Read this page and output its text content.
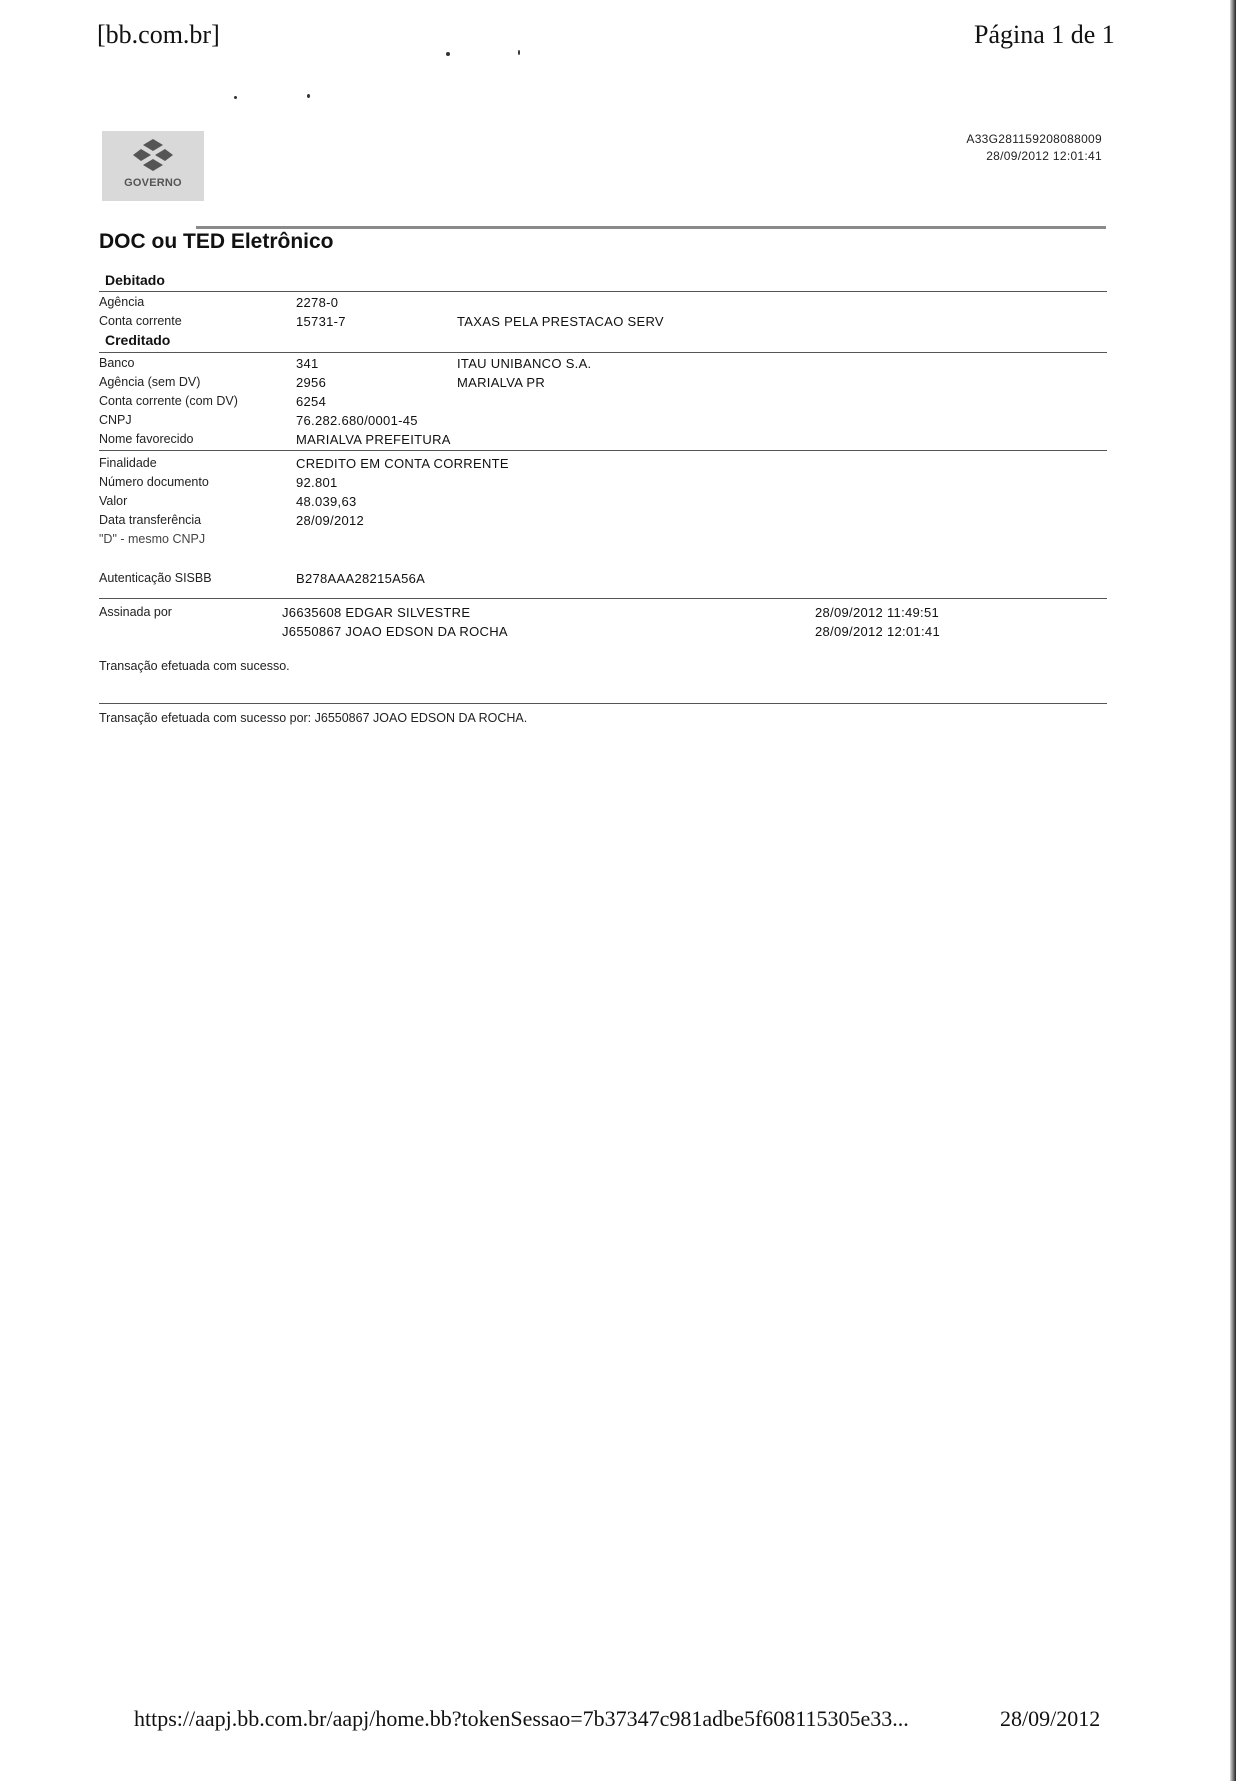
[bb.com.br]	Página 1 de 1
GOVERNO
A33G281159208088009
28/09/2012 12:01:41
DOC ou TED Eletrônico
Debitado
Agência	2278-0
Conta corrente	15731-7	TAXAS PELA PRESTACAO SERV
Creditado
Banco	341	ITAU UNIBANCO S.A.
Agência (sem DV)	2956	MARIALVA PR
Conta corrente (com DV)	6254
CNPJ	76.282.680/0001-45
Nome favorecido	MARIALVA PREFEITURA
Finalidade	CREDITO EM CONTA CORRENTE
Número documento	92.801
Valor	48.039,63
Data transferência	28/09/2012
"D" - mesmo CNPJ
Autenticação SISBB	B278AAA28215A56A
Assinada por	J6635608 EDGAR SILVESTRE	28/09/2012 11:49:51
J6550867 JOAO EDSON DA ROCHA	28/09/2012 12:01:41
Transação efetuada com sucesso.
Transação efetuada com sucesso por: J6550867 JOAO EDSON DA ROCHA.
https://aapj.bb.com.br/aapj/home.bb?tokenSessao=7b37347c981adbe5f608115305e33...	28/09/2012
